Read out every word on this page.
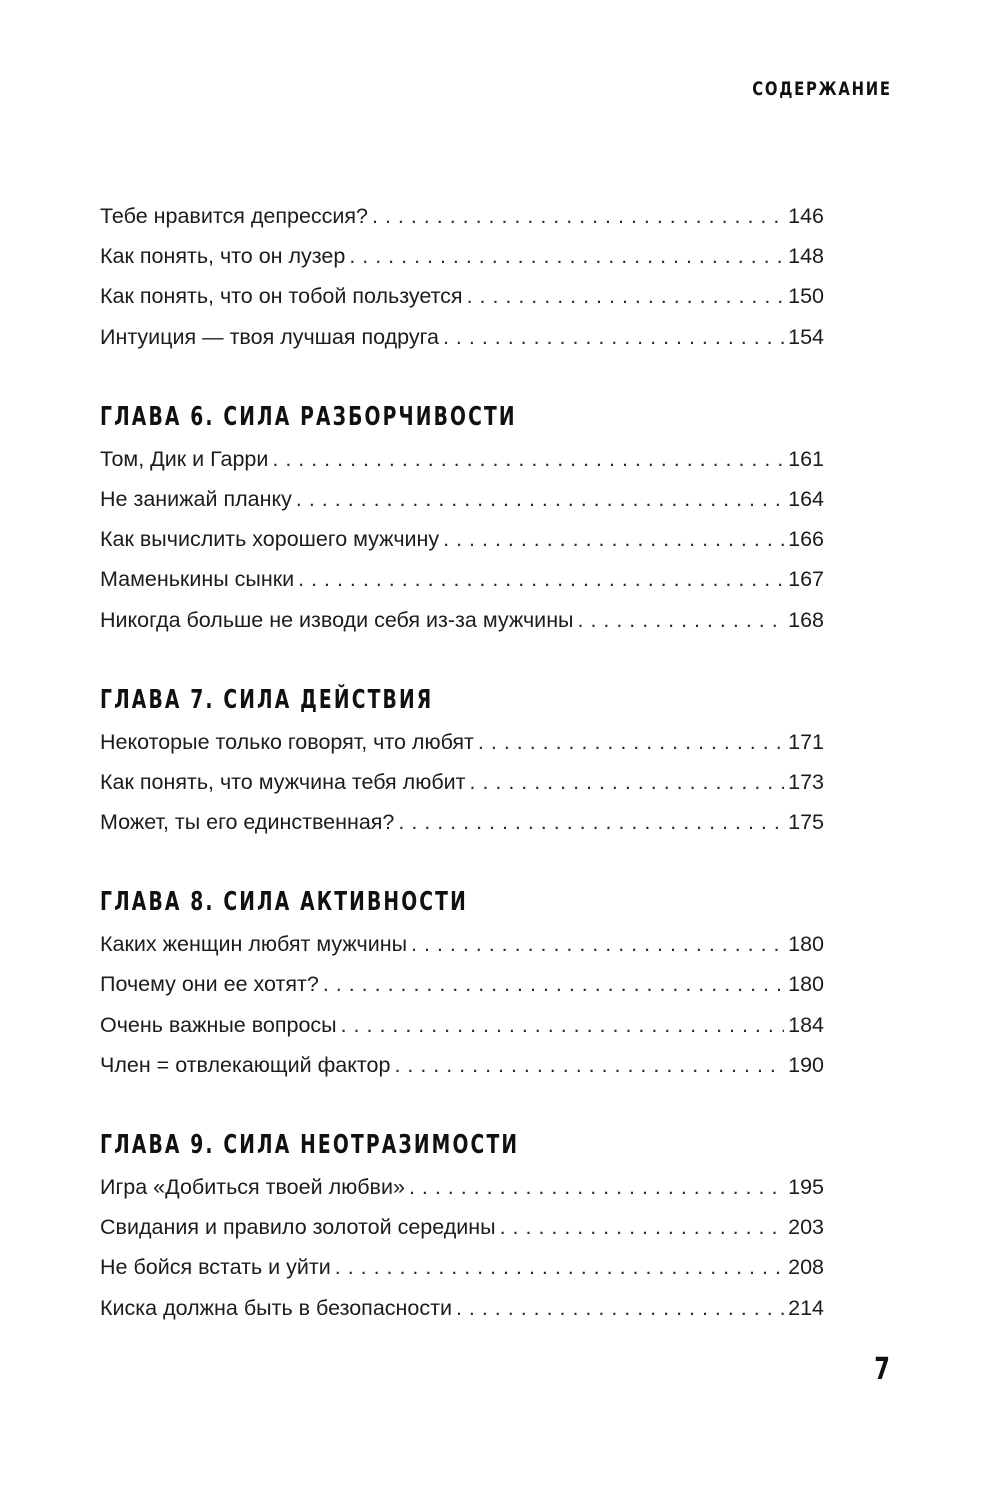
СОДЕРЖАНИЕ
Тебе нравится депрессия? . . .	146
Как понять, что он лузер . . .	148
Как понять, что он тобой пользуется . . .	150
Интуиция — твоя лучшая подруга . . .	154
ГЛАВА 6. СИЛА РАЗБОРЧИВОСТИ
Том, Дик и Гарри . . .	161
Не занижай планку . . .	164
Как вычислить хорошего мужчину . . .	166
Маменькины сынки . . .	167
Никогда больше не изводи себя из-за мужчины . . .	168
ГЛАВА 7. СИЛА ДЕЙСТВИЯ
Некоторые только говорят, что любят . . .	171
Как понять, что мужчина тебя любит . . .	173
Может, ты его единственная? . . .	175
ГЛАВА 8. СИЛА АКТИВНОСТИ
Каких женщин любят мужчины . . .	180
Почему они ее хотят? . . .	180
Очень важные вопросы . . .	184
Член = отвлекающий фактор . . .	190
ГЛАВА 9. СИЛА НЕОТРАЗИМОСТИ
Игра «Добиться твоей любви» . . .	195
Свидания и правило золотой середины . . .	203
Не бойся встать и уйти . . .	208
Киска должна быть в безопасности . . .	214
7
